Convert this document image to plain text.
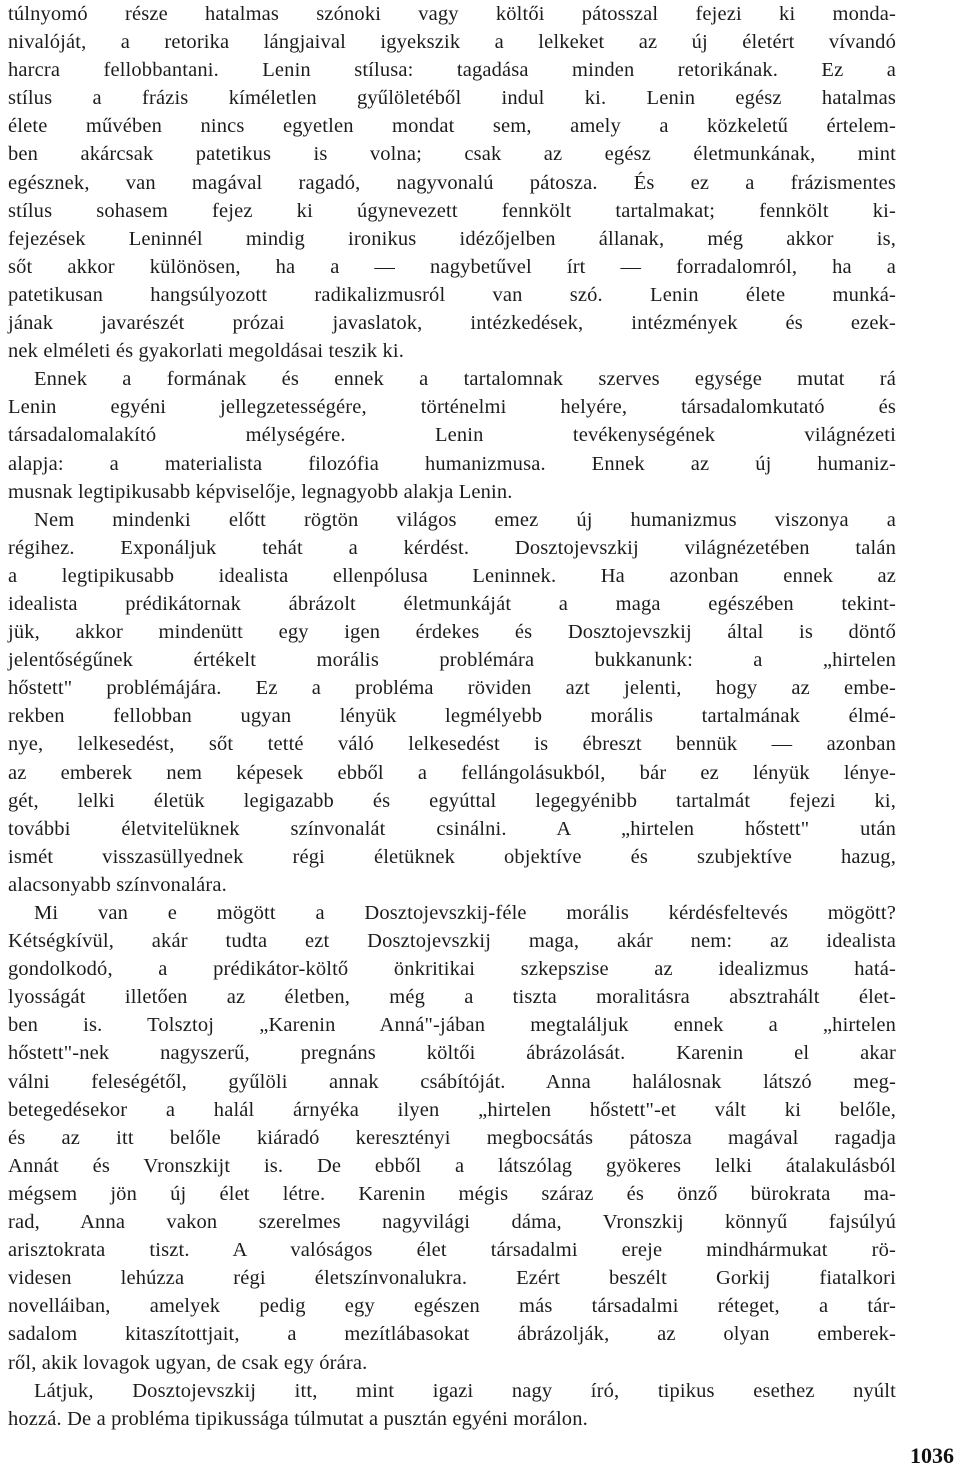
túlnyomó része hatalmas szónoki vagy költői pátosszal fejezi ki monda-
nivalóját, a retorika lángjaival igyekszik a lelkeket az új életért vívandó
harcra fellobbantani. Lenin stílusa: tagadása minden retorikának. Ez a
stílus a frázis kíméletlen gyűlöletéből indul ki. Lenin egész hatalmas
élete művében nincs egyetlen mondat sem, amely a közkeletű értelem-
ben akárcsak patetikus is volna; csak az egész életmunkának, mint
egésznek, van magával ragadó, nagyvonalú pátosza. És ez a frázismentes
stílus sohasem fejez ki úgynevezett fennkölt tartalmakat; fennkölt ki-
fejezések Leninnél mindig ironikus idézőjelben állanak, még akkor is,
sőt akkor különösen, ha a — nagybetűvel írt — forradalomról, ha a
patetikusan hangsúlyozott radikalizmusról van szó. Lenin élete munká-
jának javarészét prózai javaslatok, intézkedések, intézmények és ezek-
nek elméleti és gyakorlati megoldásai teszik ki.
Ennek a formának és ennek a tartalomnak szerves egysége mutat rá
Lenin egyéni jellegzetességére, történelmi helyére, társadalomkutató és
társadalomalakító mélységére. Lenin tevékenységének világnézeti
alapja: a materialista filozófia humanizmusa. Ennek az új humaniz-
musnak legtipikusabb képviselője, legnagyobb alakja Lenin.
Nem mindenki előtt rögtön világos emez új humanizmus viszonya a
régihez. Exponáljuk tehát a kérdést. Dosztojevszkij világnézetében talán
a legtipikusabb idealista ellenpólusa Leninnek. Ha azonban ennek az
idealista prédikátornak ábrázolt életmunkáját a maga egészében tekint-
jük, akkor mindenütt egy igen érdekes és Dosztojevszkij által is döntő
jelentőségűnek értékelt morális problémára bukkanunk: a „hirtelen
hőstett" problémájára. Ez a probléma röviden azt jelenti, hogy az embe-
rekben fellobban ugyan lényük legmélyebb morális tartalmának élmé-
nye, lelkesedést, sőt tetté váló lelkesedést is ébreszt bennük — azonban
az emberek nem képesek ebből a fellángolásukból, bár ez lényük lénye-
gét, lelki életük legigazabb és egyúttal legegyénibb tartalmát fejezi ki,
további életvitelüknek színvonalát csinálni. A „hirtelen hőstett" után
ismét visszasüllyednek régi életüknek objektíve és szubjektíve hazug,
alacsonyabb színvonalára.
Mi van e mögött a Dosztojevszkij-féle morális kérdésfeltevés mögött?
Kétségkívül, akár tudta ezt Dosztojevszkij maga, akár nem: az idealista
gondolkodó, a prédikátor-költő önkritikai szkepszise az idealizmus hatá-
lyosságát illetően az életben, még a tiszta moralitásra absztrahált élet-
ben is. Tolsztoj „Karenin Anná"-jában megtaláljuk ennek a „hirtelen
hőstett"-nek nagyszerű, pregnáns költői ábrázolását. Karenin el akar
válni feleségétől, gyűlöli annak csábítóját. Anna halálosnak látszó meg-
betegedésekor a halál árnyéka ilyen „hirtelen hőstett"-et vált ki belőle,
és az itt belőle kiáradó keresztényi megbocsátás pátosza magával ragadja
Annát és Vronszkijt is. De ebből a látszólag gyökeres lelki átalakulásból
mégsem jön új élet létre. Karenin mégis száraz és önző bürokrata ma-
rad, Anna vakon szerelmes nagyvilági dáma, Vronszkij könnyű fajsúlyú
arisztokrata tiszt. A valóságos élet társadalmi ereje mindhármukat rö-
videsen lehúzza régi életszínvonalukra. Ezért beszélt Gorkij fiatalkori
novelláiban, amelyek pedig egy egészen más társadalmi réteget, a tár-
sadalom kitaszítottjait, a mezítlábasokat ábrázolják, az olyan emberek-
ről, akik lovagok ugyan, de csak egy órára.
Látjuk, Dosztojevszkij itt, mint igazi nagy író, tipikus esethez nyúlt
hozzá. De a probléma tipikussága túlmutat a pusztán egyéni morálon.
1036
